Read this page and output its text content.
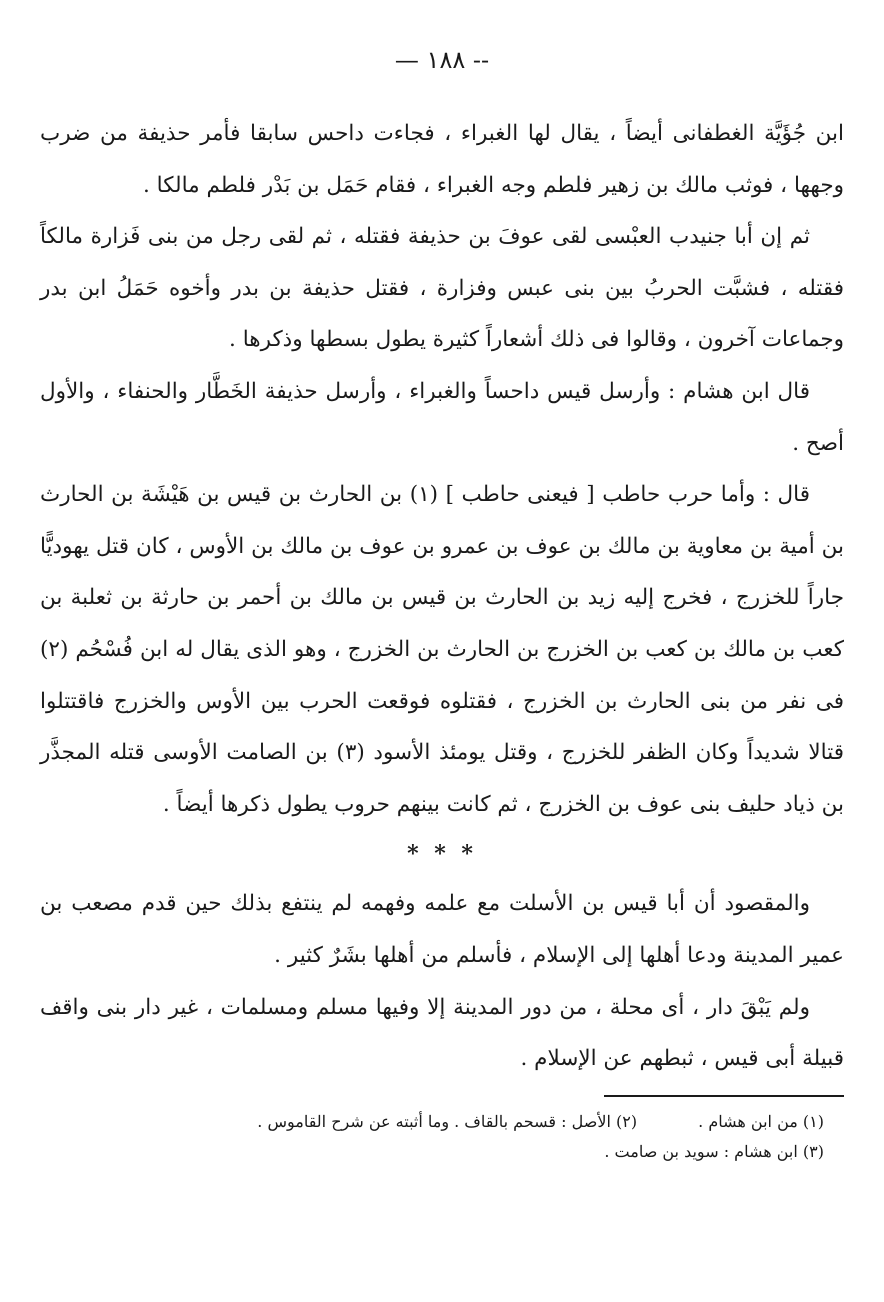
— ١٨٨ --

ابن جُؤَيَّة الغطفانى أيضاً ، يقال لها الغبراء ، فجاءت داحس سابقا فأمر حذيفة من ضرب وجهها ، فوثب مالك بن زهير فلطم وجه الغبراء ، فقام حَمَل بن بَدْر فلطم مالكا .

ثم إن أبا جنيدب العبْسى لقى عوفَ بن حذيفة فقتله ، ثم لقى رجل من بنى فَزارة مالكاً فقتله ، فشبَّت الحربُ بين بنى عبس وفزارة ، فقتل حذيفة بن بدر وأخوه حَمَلُ ابن بدر وجماعات آخرون ، وقالوا فى ذلك أشعاراً كثيرة يطول بسطها وذكرها .

قال ابن هشام : وأرسل قيس داحساً والغبراء ، وأرسل حذيفة الخَطَّار والحنفاء ، والأول أصح .

قال : وأما حرب حاطب [ فيعنى حاطب ] (١) بن الحارث بن قيس بن هَيْشَة بن الحارث بن أمية بن معاوية بن مالك بن عوف بن عمرو بن عوف بن مالك بن الأوس ، كان قتل يهوديًّا جاراً للخزرج ، فخرج إليه زيد بن الحارث بن قيس بن مالك بن أحمر بن حارثة بن ثعلبة بن كعب بن مالك بن كعب بن الخزرج بن الحارث بن الخزرج ، وهو الذى يقال له ابن فُسْحُم (٢) فى نفر من بنى الحارث بن الخزرج ، فقتلوه فوقعت الحرب بين الأوس والخزرج فاقتتلوا قتالا شديداً وكان الظفر للخزرج ، وقتل يومئذ الأسود (٣) بن الصامت الأوسى قتله المجذَّر بن ذياد حليف بنى عوف بن الخزرج ، ثم كانت بينهم حروب يطول ذكرها أيضاً .

* * *

والمقصود أن أبا قيس بن الأسلت مع علمه وفهمه لم ينتفع بذلك حين قدم مصعب بن عمير المدينة ودعا أهلها إلى الإسلام ، فأسلم من أهلها بشَرٌ كثير .

ولم يَبْقَ دار ، أى محلة ، من دور المدينة إلا وفيها مسلم ومسلمات ، غير دار بنى واقف قبيلة أبى قيس ، ثبطهم عن الإسلام .

(١) من ابن هشام . (٢) الأصل : قسحم بالقاف . وما أثبته عن شرح القاموس .
(٣) ابن هشام : سويد بن صامت .
